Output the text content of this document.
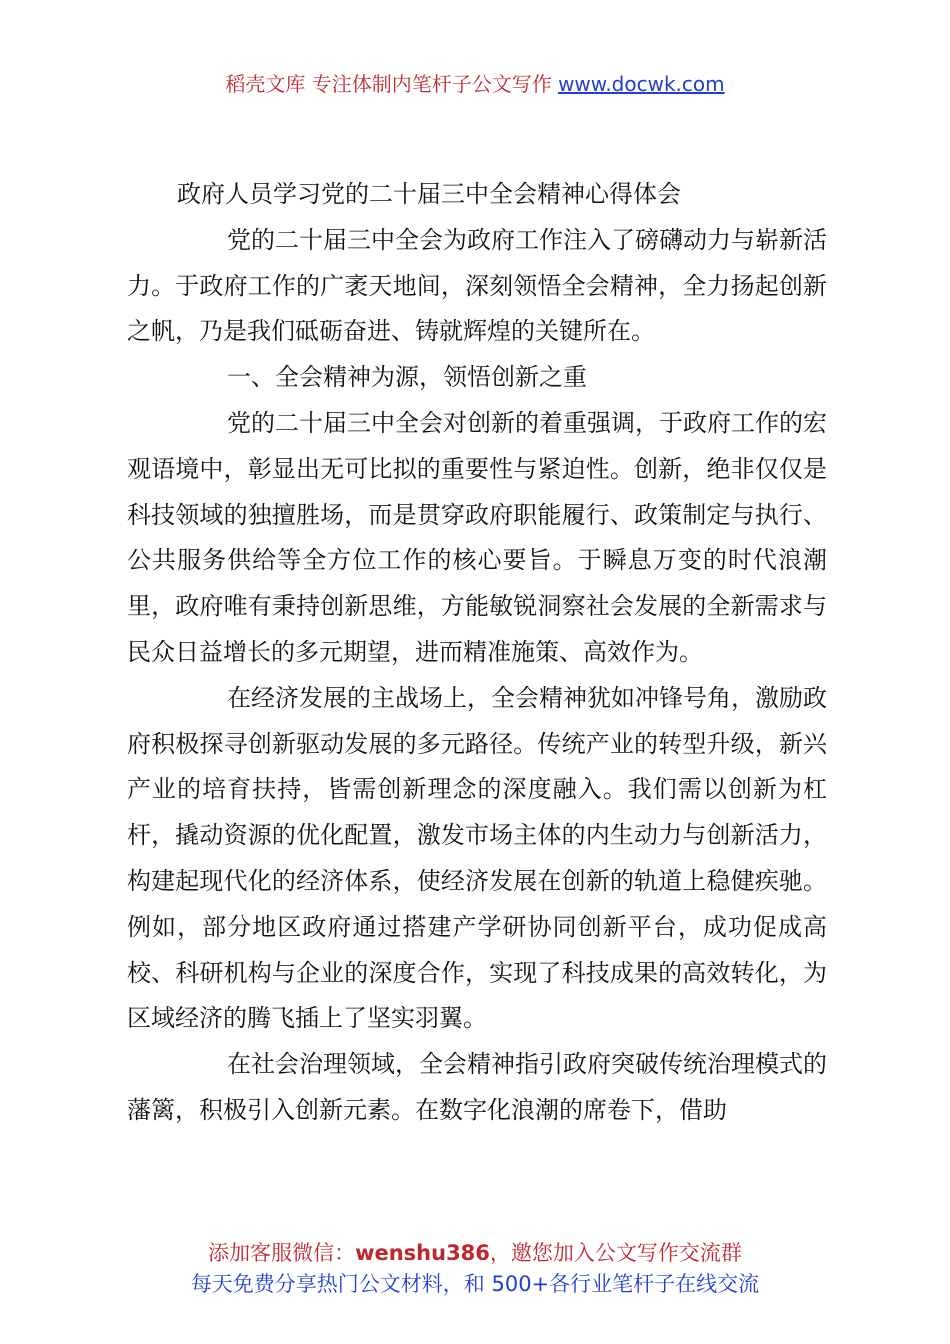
稻壳文库 专注体制内笔杆子公文写作 www.docwk.com

政府人员学习党的二十届三中全会精神心得体会

党的二十届三中全会为政府工作注入了磅礴动力与崭新活力。于政府工作的广袤天地间，深刻领悟全会精神，全力扬起创新之帆，乃是我们砥砺奋进、铸就辉煌的关键所在。

一、全会精神为源，领悟创新之重

党的二十届三中全会对创新的着重强调，于政府工作的宏观语境中，彰显出无可比拟的重要性与紧迫性。创新，绝非仅仅是科技领域的独擅胜场，而是贯穿政府职能履行、政策制定与执行、公共服务供给等全方位工作的核心要旨。于瞬息万变的时代浪潮里，政府唯有秉持创新思维，方能敏锐洞察社会发展的全新需求与民众日益增长的多元期望，进而精准施策、高效作为。

在经济发展的主战场上，全会精神犹如冲锋号角，激励政府积极探寻创新驱动发展的多元路径。传统产业的转型升级，新兴产业的培育扶持，皆需创新理念的深度融入。我们需以创新为杠杆，撬动资源的优化配置，激发市场主体的内生动力与创新活力，构建起现代化的经济体系，使经济发展在创新的轨道上稳健疾驰。例如，部分地区政府通过搭建产学研协同创新平台，成功促成高校、科研机构与企业的深度合作，实现了科技成果的高效转化，为区域经济的腾飞插上了坚实羽翼。

在社会治理领域，全会精神指引政府突破传统治理模式的藩篱，积极引入创新元素。在数字化浪潮的席卷下，借助

添加客服微信：wenshu386，邀您加入公文写作交流群
每天免费分享热门公文材料，和 500+各行业笔杆子在线交流
